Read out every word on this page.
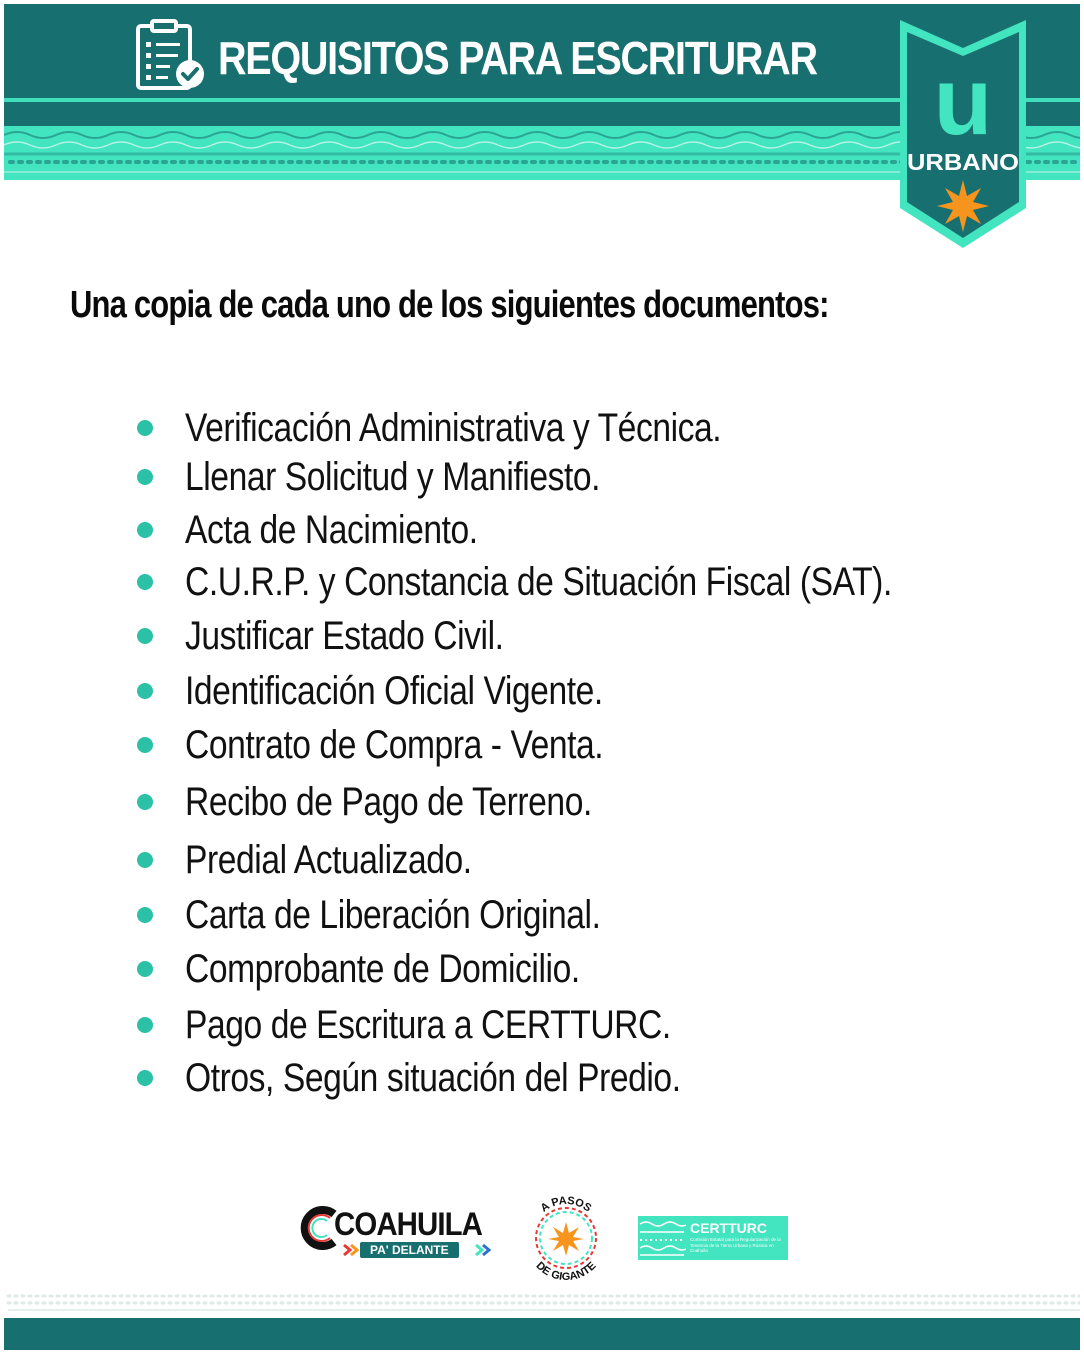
REQUISITOS PARA ESCRITURAR u
URBANO
Una copia de cada uno de los siguientes documentos:
Verificación Administrativa y Técnica.
Llenar Solicitud y Manifiesto.
Acta de Nacimiento.
C.U.R.P. y Constancia de Situación Fiscal (SAT).
Justificar Estado Civil.
Identificación Oficial Vigente.
Contrato de Compra - Venta.
Recibo de Pago de Terreno.
Predial Actualizado.
Carta de Liberación Original.
Comprobante de Domicilio.
Pago de Escritura a CERTTURC.
Otros, Según situación del Predio.
COAHUILA
PA' DELANTE
A PASOS
DE GIGANTE
CERTTURC
Comisión Estatal para la Regularización de la Tenencia de la Tierra Urbana y Rústica en Coahuila
